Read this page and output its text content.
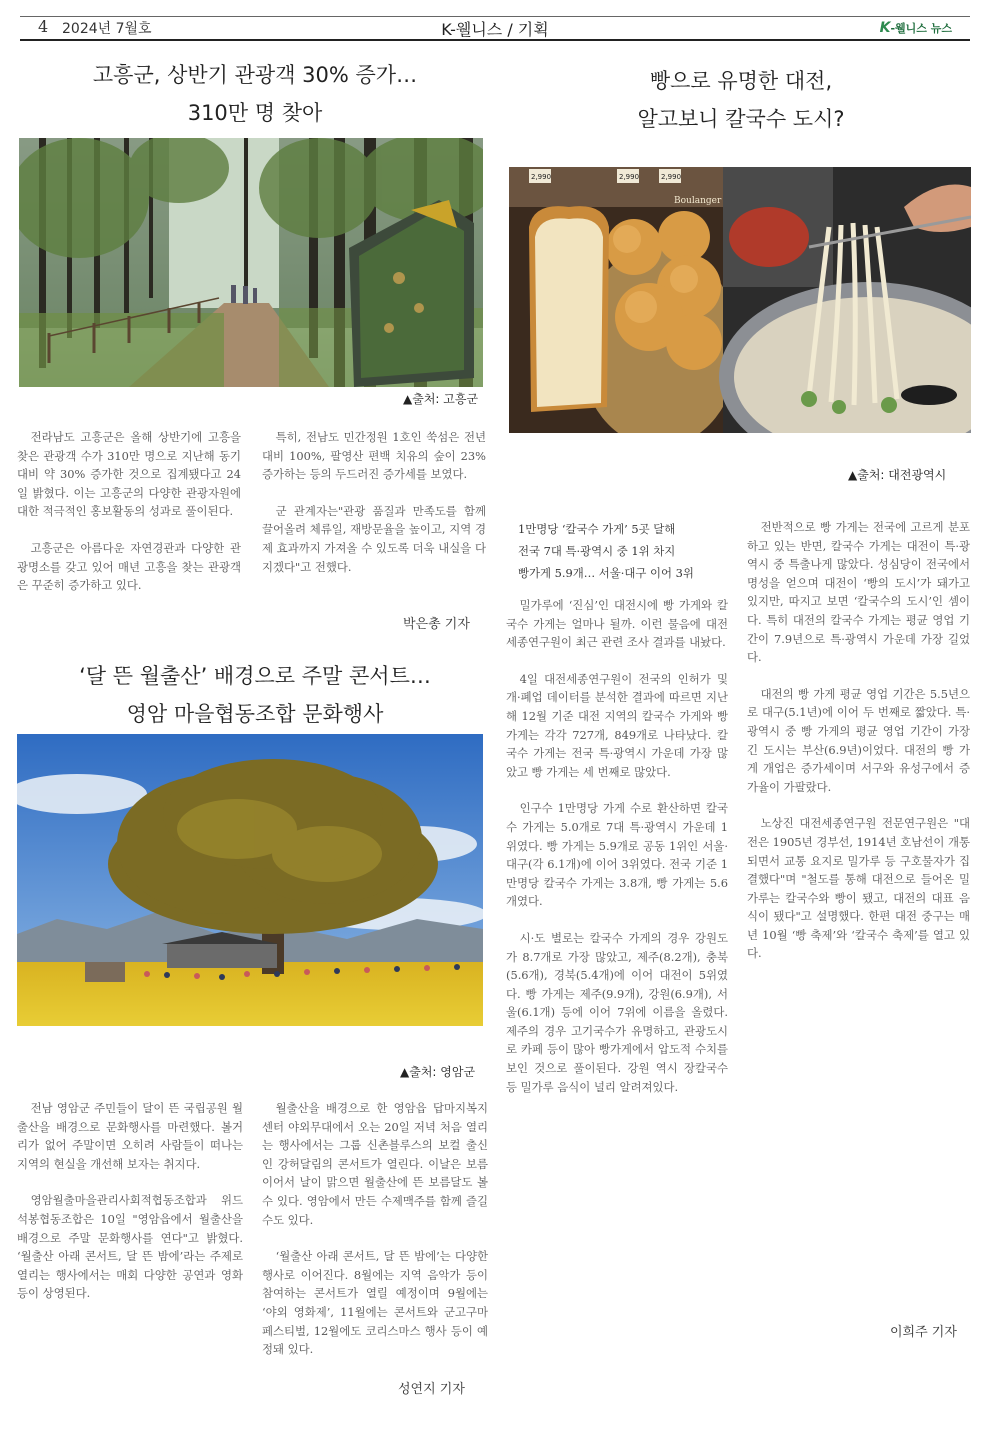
4 2024년 7월호	K-웰니스 / 기획	K-웰니스 뉴스
고흥군, 상반기 관광객 30% 증가…
310만 명 찾아
▲출처: 고흥군

전라남도 고흥군은 올해 상반기에 고흥을 찾은 관광객 수가 310만 명으로 지난해 동기 대비 약 30% 증가한 것으로 집계됐다고 24일 밝혔다. 이는 고흥군의 다양한 관광자원에 대한 적극적인 홍보활동의 성과로 풀이된다.

고흥군은 아름다운 자연경관과 다양한 관광명소를 갖고 있어 매년 고흥을 찾는 관광객은 꾸준히 증가하고 있다.

특히, 전남도 민간정원 1호인 쑥섬은 전년 대비 100%, 팔영산 편백 치유의 숲이 23% 증가하는 등의 두드러진 증가세를 보였다.

군 관계자는"관광 품질과 만족도를 함께 끌어올려 체류일, 재방문율을 높이고, 지역 경제 효과까지 가져올 수 있도록 더욱 내실을 다지겠다"고 전했다.

박은총 기자
‘달 뜬 월출산’ 배경으로 주말 콘서트…
영암 마을협동조합 문화행사
▲출처: 영암군

전남 영암군 주민들이 달이 뜬 국립공원 월출산을 배경으로 문화행사를 마련했다. 볼거리가 없어 주말이면 오히려 사람들이 떠나는 지역의 현실을 개선해 보자는 취지다.

영암월출마을관리사회적협동조합과 위드석봉협동조합은 10일 "영암읍에서 월출산을 배경으로 주말 문화행사를 연다"고 밝혔다. ‘월출산 아래 콘서트, 달 뜬 밤에’라는 주제로 열리는 행사에서는 매회 다양한 공연과 영화 등이 상영된다.

월출산을 배경으로 한 영암읍 답마지복지센터 야외무대에서 오는 20일 저녁 처음 열리는 행사에서는 그룹 신촌블루스의 보컬 출신인 강허달림의 콘서트가 열린다. 이날은 보름이어서 날이 맑으면 월출산에 뜬 보름달도 볼 수 있다. 영암에서 만든 수제맥주를 함께 즐길 수도 있다.

‘월출산 아래 콘서트, 달 뜬 밤에’는 다양한 행사로 이어진다. 8월에는 지역 음악가 등이 참여하는 콘서트가 열릴 예정이며 9월에는 ‘야외 영화제’, 11월에는 콘서트와 군고구마 페스티벌, 12월에도 코리스마스 행사 등이 예정돼 있다.

성연지 기자
빵으로 유명한 대전,
알고보니 칼국수 도시?
2,990	2,990	2,990
Boulanger
▲출처: 대전광역시
1만명당 ‘칼국수 가게’ 5곳 달해
전국 7대 특·광역시 중 1위 차지
빵가게 5.9개… 서울·대구 이어 3위

밀가루에 ‘진심’인 대전시에 빵 가게와 칼국수 가게는 얼마나 될까. 이런 물음에 대전세종연구원이 최근 관련 조사 결과를 내놨다.

4일 대전세종연구원이 전국의 인허가 및 개·폐업 데이터를 분석한 결과에 따르면 지난해 12월 기준 대전 지역의 칼국수 가게와 빵 가게는 각각 727개, 849개로 나타났다. 칼국수 가게는 전국 특·광역시 가운데 가장 많았고 빵 가게는 세 번째로 많았다.

인구수 1만명당 가게 수로 환산하면 칼국수 가게는 5.0개로 7대 특·광역시 가운데 1위였다. 빵 가게는 5.9개로 공동 1위인 서울·대구(각 6.1개)에 이어 3위였다. 전국 기준 1만명당 칼국수 가게는 3.8개, 빵 가게는 5.6개였다.

시·도 별로는 칼국수 가게의 경우 강원도가 8.7개로 가장 많았고, 제주(8.2개), 충북(5.6개), 경북(5.4개)에 이어 대전이 5위였다. 빵 가게는 제주(9.9개), 강원(6.9개), 서울(6.1개) 등에 이어 7위에 이름을 올렸다. 제주의 경우 고기국수가 유명하고, 관광도시로 카페 등이 많아 빵가게에서 압도적 수치를 보인 것으로 풀이된다. 강원 역시 장칼국수 등 밀가루 음식이 널리 알려져있다.

전반적으로 빵 가게는 전국에 고르게 분포하고 있는 반면, 칼국수 가게는 대전이 특·광역시 중 특출나게 많았다. 성심당이 전국에서 명성을 얻으며 대전이 ‘빵의 도시’가 돼가고 있지만, 따지고 보면 ‘칼국수의 도시’인 셈이다. 특히 대전의 칼국수 가게는 평균 영업 기간이 7.9년으로 특·광역시 가운데 가장 길었다.

대전의 빵 가게 평균 영업 기간은 5.5년으로 대구(5.1년)에 이어 두 번째로 짧았다. 특·광역시 중 빵 가게의 평균 영업 기간이 가장 긴 도시는 부산(6.9년)이었다. 대전의 빵 가게 개업은 증가세이며 서구와 유성구에서 증가율이 가팔랐다.

노상진 대전세종연구원 전문연구원은 "대전은 1905년 경부선, 1914년 호남선이 개통되면서 교통 요지로 밀가루 등 구호물자가 집결했다"며 "철도를 통해 대전으로 들어온 밀가루는 칼국수와 빵이 됐고, 대전의 대표 음식이 됐다"고 설명했다. 한편 대전 중구는 매년 10월 ‘빵 축제’와 ‘칼국수 축제’를 열고 있다.

이희주 기자
